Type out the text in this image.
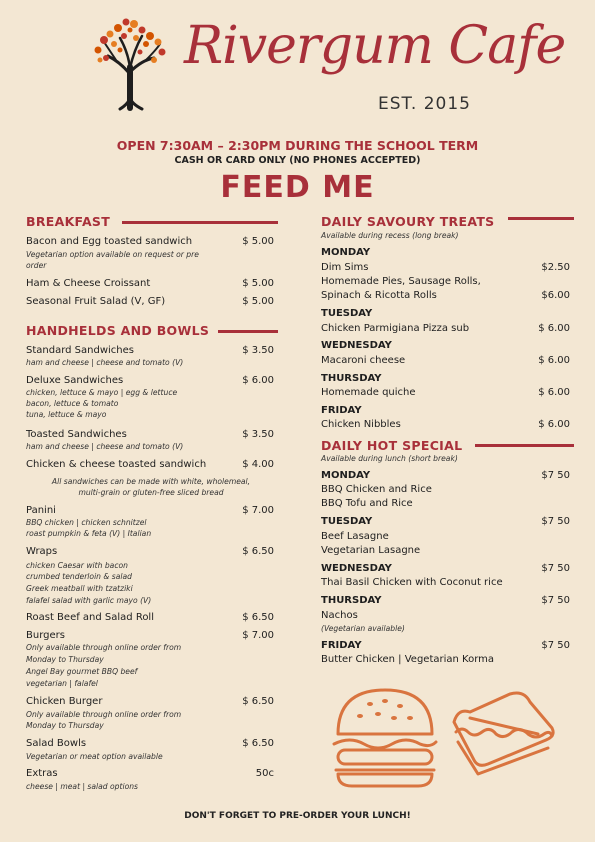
Rivergum Cafe
EST. 2015
OPEN 7:30AM – 2:30PM DURING THE SCHOOL TERM
CASH OR CARD ONLY (NO PHONES ACCEPTED)
FEED ME
BREAKFAST
Bacon and Egg toasted sandwich	$ 5.00
Vegetarian option available on request or pre
order
Ham & Cheese Croissant	$ 5.00
Seasonal Fruit Salad (V, GF)	$ 5.00
HANDHELDS AND BOWLS
Standard Sandwiches	$ 3.50
ham and cheese | cheese and tomato (V)
Deluxe Sandwiches	$ 6.00
chicken, lettuce & mayo | egg & lettuce
bacon, lettuce & tomato
tuna, lettuce & mayo
Toasted Sandwiches	$ 3.50
ham and cheese | cheese and tomato (V)
Chicken & cheese toasted sandwich	$ 4.00
All sandwiches can be made with white, wholemeal,
multi-grain or gluten-free sliced bread
Panini	$ 7.00
BBQ chicken | chicken schnitzel
roast pumpkin & feta (V) | Italian
Wraps	$ 6.50
chicken Caesar with bacon
crumbed tenderloin & salad
Greek meatball with tzatziki
falafel salad with garlic mayo (V)
Roast Beef and Salad Roll	$ 6.50
Burgers	$ 7.00
Only available through online order from
Monday to Thursday
Angel Bay gourmet BBQ beef
vegetarian | falafel
Chicken Burger	$ 6.50
Only available through online order from
Monday to Thursday
Salad Bowls	$ 6.50
Vegetarian or meat option available
Extras	50c
cheese | meat | salad options
DAILY SAVOURY TREATS
Available during recess (long break)
MONDAY
Dim Sims	$2.50
Homemade Pies, Sausage Rolls,
Spinach & Ricotta Rolls	$6.00
TUESDAY
Chicken Parmigiana Pizza sub	$ 6.00
WEDNESDAY
Macaroni cheese	$ 6.00
THURSDAY
Homemade quiche	$ 6.00
FRIDAY
Chicken Nibbles	$ 6.00
DAILY HOT SPECIAL
Available during lunch (short break)
MONDAY	$7 50
BBQ Chicken and Rice
BBQ Tofu and Rice
TUESDAY	$7 50
Beef Lasagne
Vegetarian Lasagne
WEDNESDAY	$7 50
Thai Basil Chicken with Coconut rice
THURSDAY	$7 50
Nachos
(Vegetarian available)
FRIDAY	$7 50
Butter Chicken | Vegetarian Korma
DON'T FORGET TO PRE-ORDER YOUR LUNCH!
